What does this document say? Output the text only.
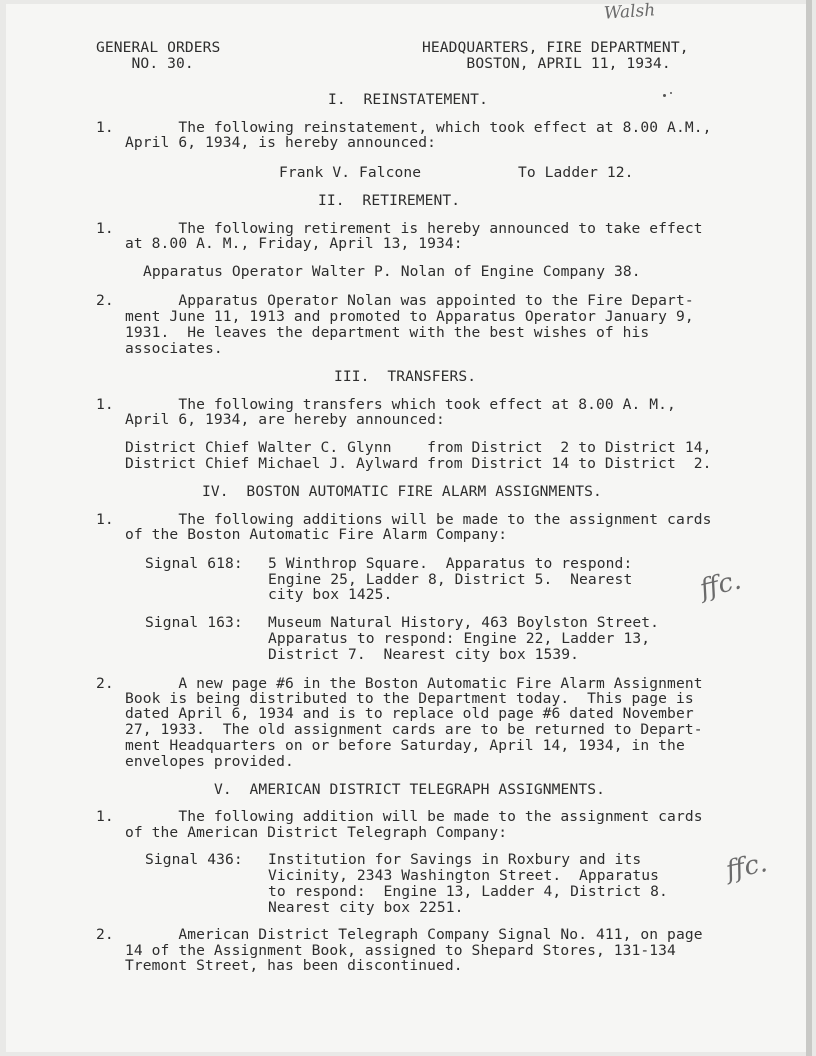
Walsh
ffc.
ffc.
GENERAL ORDERS
NO. 30.
HEADQUARTERS, FIRE DEPARTMENT,
BOSTON, APRIL 11, 1934.
I.  REINSTATEMENT.
1. The following reinstatement, which took effect at 8.00 A.M.,
April 6, 1934, is hereby announced:
Frank V. Falcone	To Ladder 12.
II.  RETIREMENT.
1. The following retirement is hereby announced to take effect
at 8.00 A. M., Friday, April 13, 1934:
Apparatus Operator Walter P. Nolan of Engine Company 38.
2. Apparatus Operator Nolan was appointed to the Fire Depart-
ment June 11, 1913 and promoted to Apparatus Operator January 9,
1931.  He leaves the department with the best wishes of his
associates.
III.  TRANSFERS.
1. The following transfers which took effect at 8.00 A. M.,
April 6, 1934, are hereby announced:
District Chief Walter C. Glynn    from District  2 to District 14,
District Chief Michael J. Aylward from District 14 to District  2.
IV.  BOSTON AUTOMATIC FIRE ALARM ASSIGNMENTS.
1. The following additions will be made to the assignment cards
of the Boston Automatic Fire Alarm Company:
Signal 618: 5 Winthrop Square.  Apparatus to respond:
Engine 25, Ladder 8, District 5.  Nearest
city box 1425.
Signal 163: Museum Natural History, 463 Boylston Street.
Apparatus to respond: Engine 22, Ladder 13,
District 7.  Nearest city box 1539.
2. A new page #6 in the Boston Automatic Fire Alarm Assignment
Book is being distributed to the Department today.  This page is
dated April 6, 1934 and is to replace old page #6 dated November
27, 1933.  The old assignment cards are to be returned to Depart-
ment Headquarters on or before Saturday, April 14, 1934, in the
envelopes provided.
V.  AMERICAN DISTRICT TELEGRAPH ASSIGNMENTS.
1. The following addition will be made to the assignment cards
of the American District Telegraph Company:
Signal 436: Institution for Savings in Roxbury and its
Vicinity, 2343 Washington Street.  Apparatus
to respond:  Engine 13, Ladder 4, District 8.
Nearest city box 2251.
2. American District Telegraph Company Signal No. 411, on page
14 of the Assignment Book, assigned to Shepard Stores, 131-134
Tremont Street, has been discontinued.
